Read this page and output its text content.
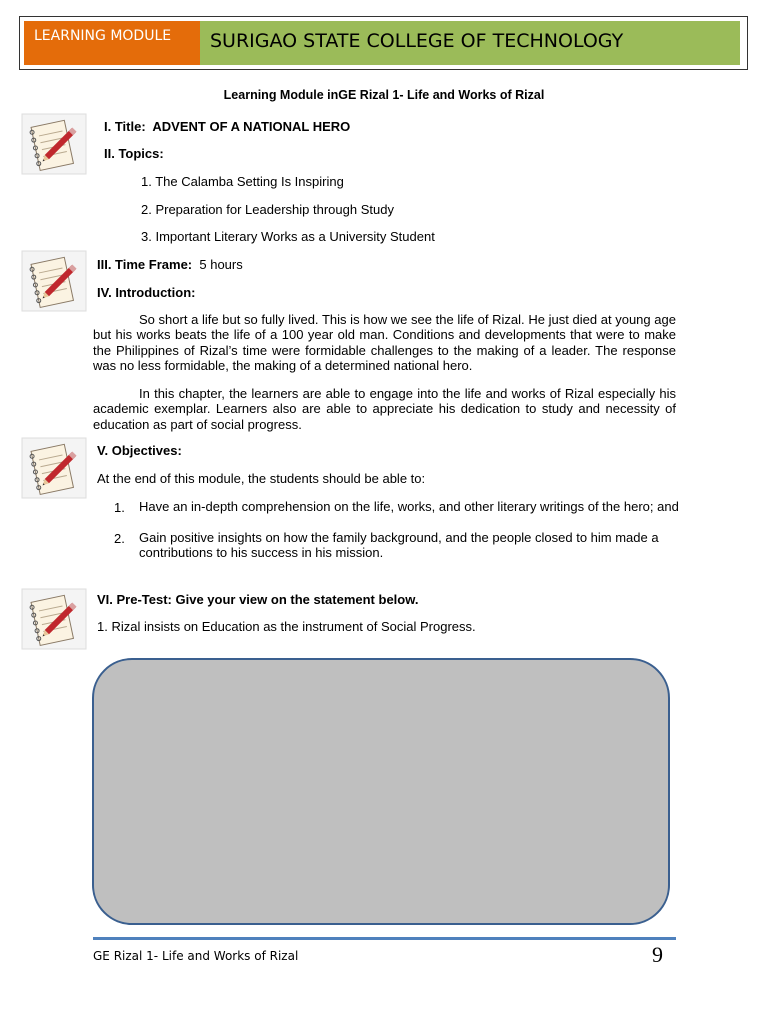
LEARNING MODULE	SURIGAO STATE COLLEGE OF TECHNOLOGY
Learning Module inGE Rizal 1- Life and Works of Rizal
I. Title: ADVENT OF A NATIONAL HERO
II. Topics:
1. The Calamba Setting Is Inspiring
2. Preparation for Leadership through Study
3. Important Literary Works as a University Student
III. Time Frame: 5 hours
IV. Introduction:
So short a life but so fully lived. This is how we see the life of Rizal. He just died at young age but his works beats the life of a 100 year old man. Conditions and developments that were to make the Philippines of Rizal’s time were formidable challenges to the making of a leader. The response was no less formidable, the making of a determined national hero.
In this chapter, the learners are able to engage into the life and works of Rizal especially his academic exemplar. Learners also are able to appreciate his dedication to study and necessity of education as part of social progress.
V. Objectives:
At the end of this module, the students should be able to:
1. Have an in-depth comprehension on the life, works, and other literary writings of the hero; and
2. Gain positive insights on how the family background, and the people closed to him made a contributions to his success in his mission.
VI. Pre-Test: Give your view on the statement below.
1. Rizal insists on Education as the instrument of Social Progress.
GE Rizal 1- Life and Works of Rizal	9
